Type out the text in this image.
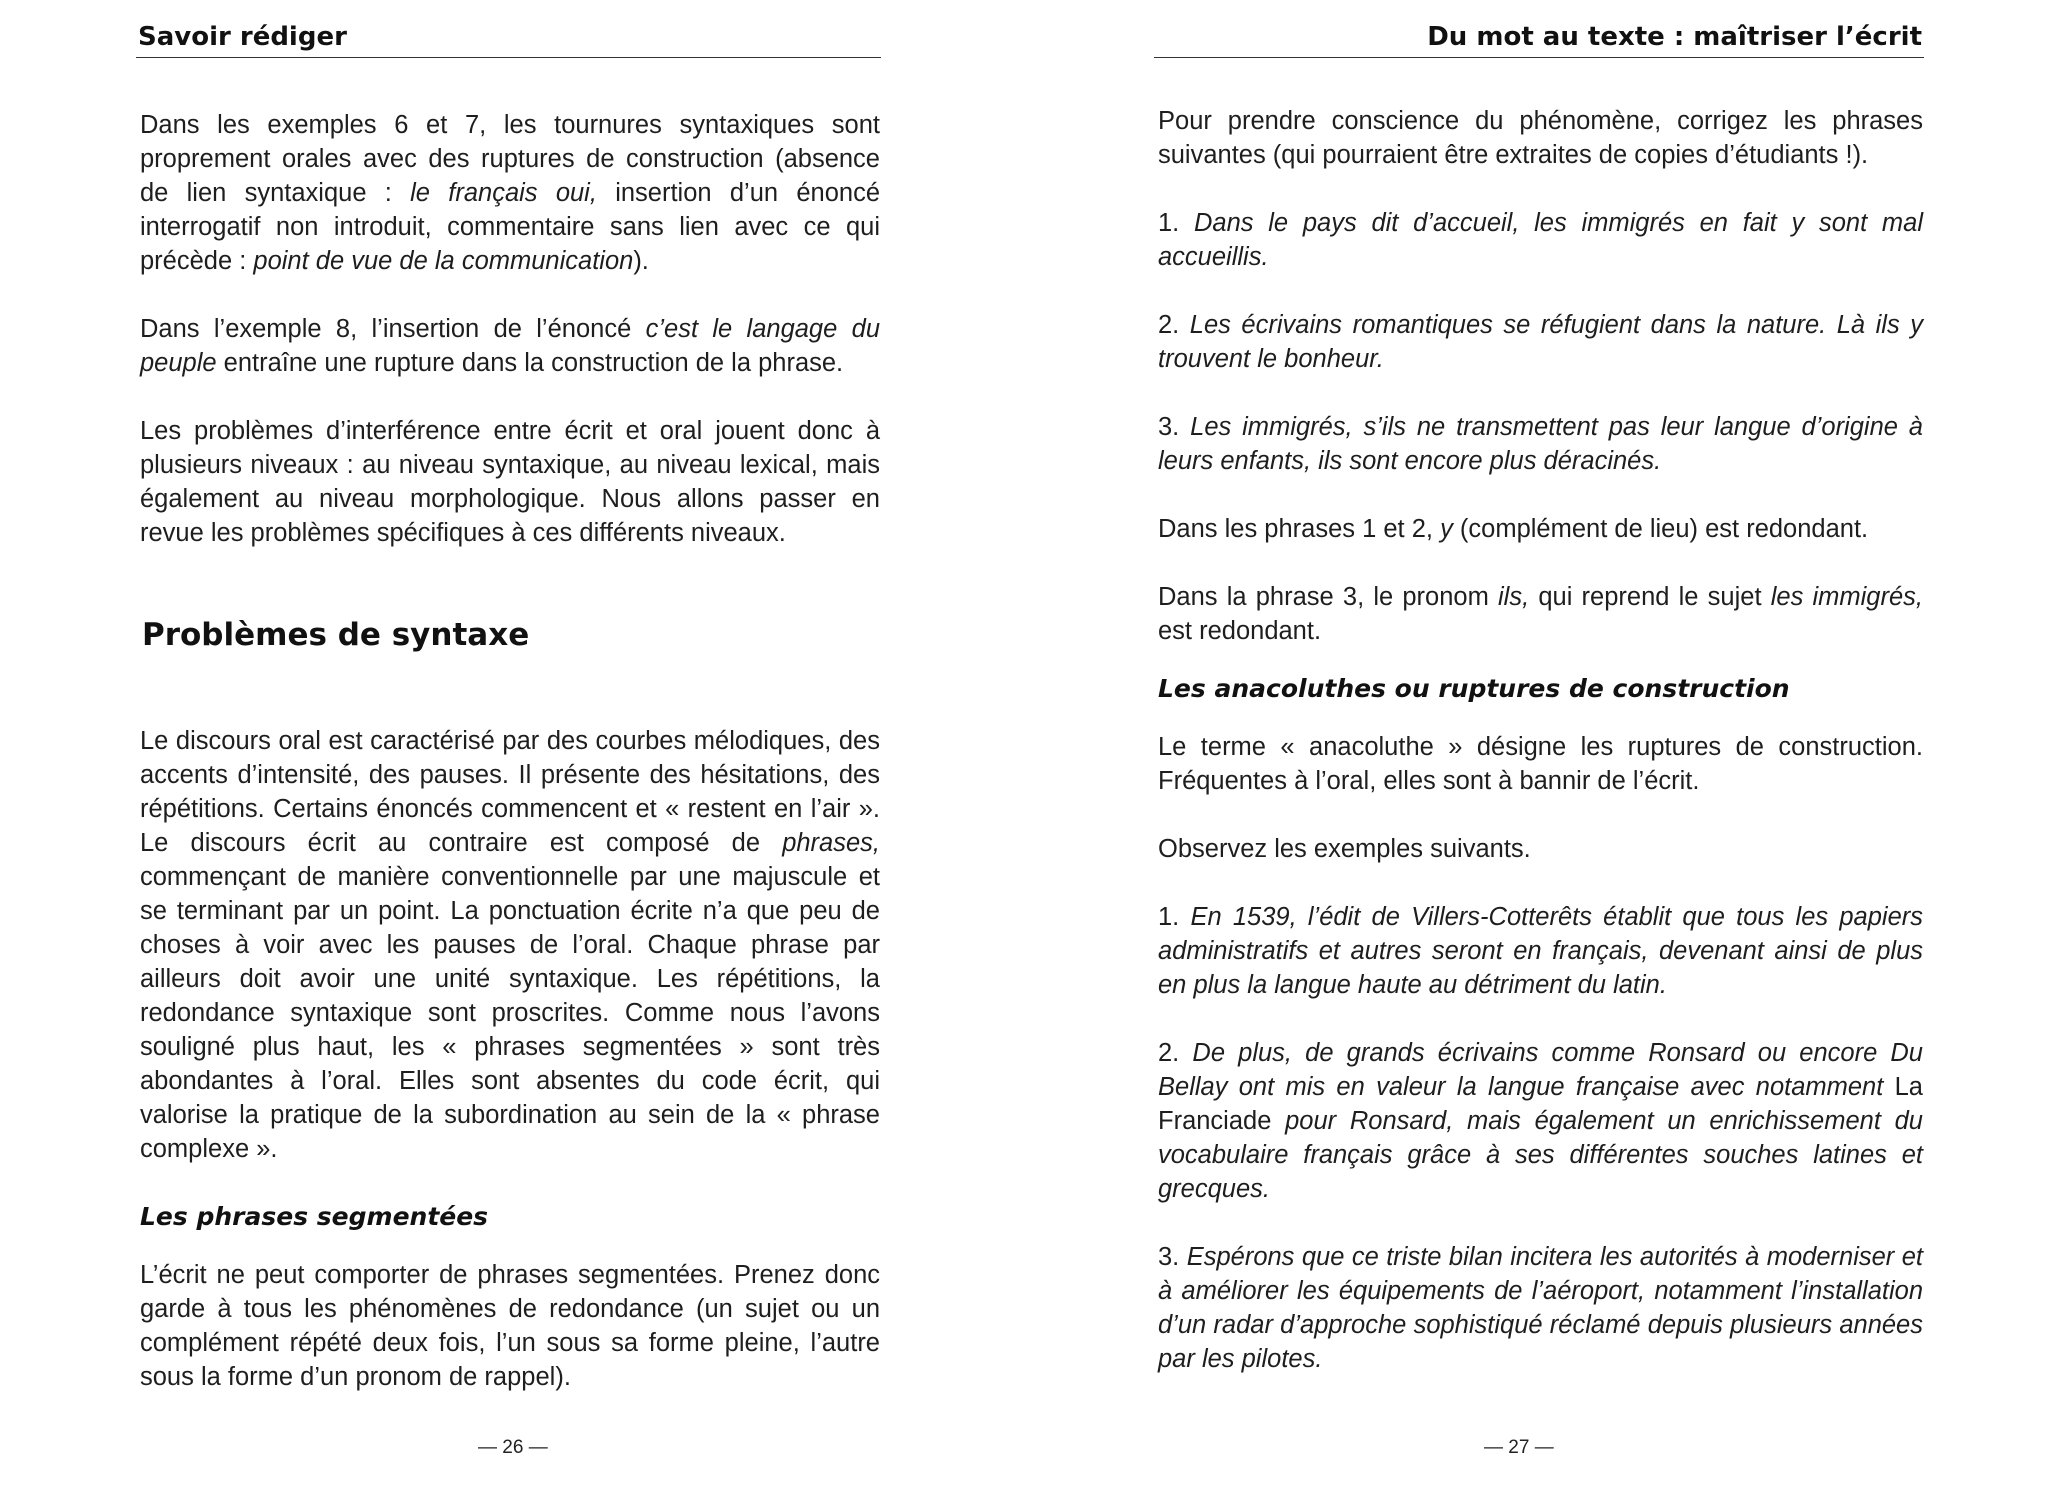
Savoir rédiger

Dans les exemples 6 et 7, les tournures syntaxiques sont proprement orales avec des ruptures de construction (absence de lien syntaxique : le français oui, insertion d’un énoncé interrogatif non introduit, commentaire sans lien avec ce qui précède : point de vue de la communication).

Dans l’exemple 8, l’insertion de l’énoncé c’est le langage du peuple entraîne une rupture dans la construction de la phrase.

Les problèmes d’interférence entre écrit et oral jouent donc à plusieurs niveaux : au niveau syntaxique, au niveau lexical, mais également au niveau morphologique. Nous allons passer en revue les problèmes spécifiques à ces différents niveaux.

Problèmes de syntaxe

Le discours oral est caractérisé par des courbes mélodiques, des accents d’intensité, des pauses. Il présente des hésitations, des répétitions. Certains énoncés commencent et « restent en l’air ». Le discours écrit au contraire est composé de phrases, commençant de manière conventionnelle par une majuscule et se terminant par un point. La ponctuation écrite n’a que peu de choses à voir avec les pauses de l’oral. Chaque phrase par ailleurs doit avoir une unité syntaxique. Les répétitions, la redondance syntaxique sont proscrites. Comme nous l’avons souligné plus haut, les « phrases segmentées » sont très abondantes à l’oral. Elles sont absentes du code écrit, qui valorise la pratique de la subordination au sein de la « phrase complexe ».

Les phrases segmentées

L’écrit ne peut comporter de phrases segmentées. Prenez donc garde à tous les phénomènes de redondance (un sujet ou un complément répété deux fois, l’un sous sa forme pleine, l’autre sous la forme d’un pronom de rappel).

— 26 —
Du mot au texte : maîtriser l’écrit

Pour prendre conscience du phénomène, corrigez les phrases suivantes (qui pourraient être extraites de copies d’étudiants !).

1. Dans le pays dit d’accueil, les immigrés en fait y sont mal accueillis.

2. Les écrivains romantiques se réfugient dans la nature. Là ils y trouvent le bonheur.

3. Les immigrés, s’ils ne transmettent pas leur langue d’origine à leurs enfants, ils sont encore plus déracinés.

Dans les phrases 1 et 2, y (complément de lieu) est redondant.

Dans la phrase 3, le pronom ils, qui reprend le sujet les immigrés, est redondant.

Les anacoluthes ou ruptures de construction

Le terme « anacoluthe » désigne les ruptures de construction. Fréquentes à l’oral, elles sont à bannir de l’écrit.

Observez les exemples suivants.

1. En 1539, l’édit de Villers-Cotterêts établit que tous les papiers administratifs et autres seront en français, devenant ainsi de plus en plus la langue haute au détriment du latin.

2. De plus, de grands écrivains comme Ronsard ou encore Du Bellay ont mis en valeur la langue française avec notamment La Franciade pour Ronsard, mais également un enrichissement du vocabulaire français grâce à ses différentes souches latines et grecques.

3. Espérons que ce triste bilan incitera les autorités à moderniser et à améliorer les équipements de l’aéroport, notamment l’installation d’un radar d’approche sophistiqué réclamé depuis plusieurs années par les pilotes.

— 27 —
